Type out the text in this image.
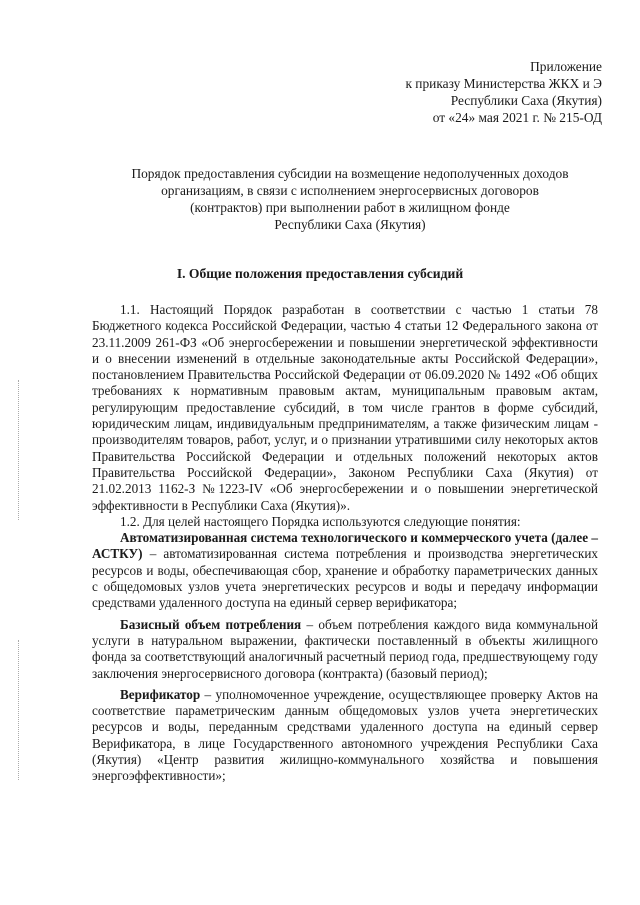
Приложение
к приказу Министерства ЖКХ и Э
Республики Саха (Якутия)
от «24» мая 2021 г. № 215-ОД
Порядок предоставления субсидии на возмещение недополученных доходов
организациям, в связи с исполнением энергосервисных договоров
(контрактов) при выполнении работ в жилищном фонде
Республики Саха (Якутия)
I. Общие положения предоставления субсидий

1.1. Настоящий Порядок разработан в соответствии с частью 1 статьи 78 Бюджетного кодекса Российской Федерации, частью 4 статьи 12 Федерального закона от 23.11.2009 261-ФЗ «Об энергосбережении и повышении энергетической эффективности и о внесении изменений в отдельные законодательные акты Российской Федерации», постановлением Правительства Российской Федерации от 06.09.2020 № 1492 «Об общих требованиях к нормативным правовым актам, муниципальным правовым актам, регулирующим предоставление субсидий, в том числе грантов в форме субсидий, юридическим лицам, индивидуальным предпринимателям, а также физическим лицам - производителям товаров, работ, услуг, и о признании утратившими силу некоторых актов Правительства Российской Федерации и отдельных положений некоторых актов Правительства Российской Федерации», Законом Республики Саха (Якутия) от 21.02.2013 1162-З №1223-IV «Об энергосбережении и о повышении энергетической эффективности в Республики Саха (Якутия)».

1.2. Для целей настоящего Порядка используются следующие понятия:

Автоматизированная система технологического и коммерческого учета (далее – АСТКУ) – автоматизированная система потребления и производства энергетических ресурсов и воды, обеспечивающая сбор, хранение и обработку параметрических данных с общедомовых узлов учета энергетических ресурсов и воды и передачу информации средствами удаленного доступа на единый сервер верификатора;

Базисный объем потребления – объем потребления каждого вида коммунальной услуги в натуральном выражении, фактически поставленный в объекты жилищного фонда за соответствующий аналогичный расчетный период года, предшествующему году заключения энергосервисного договора (контракта) (базовый период);

Верификатор – уполномоченное учреждение, осуществляющее проверку Актов на соответствие параметрическим данным общедомовых узлов учета энергетических ресурсов и воды, переданным средствами удаленного доступа на единый сервер Верификатора, в лице Государственного автономного учреждения Республики Саха (Якутия) «Центр развития жилищно-коммунального хозяйства и повышения энергоэффективности»;
